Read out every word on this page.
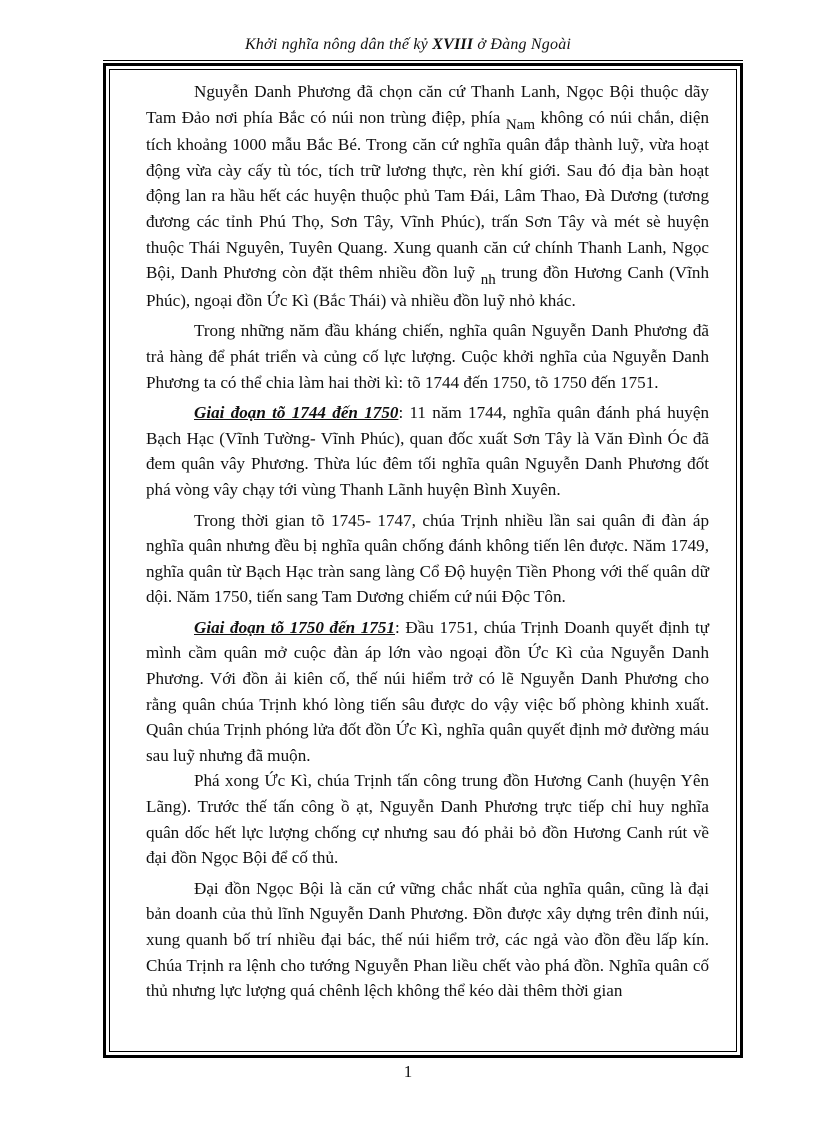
Khởi nghĩa nông dân thế kỷ XVIII ở Đàng Ngoài

Nguyễn Danh Phương đã chọn căn cứ Thanh Lanh, Ngọc Bội thuộc dãy Tam Đảo nơi phía Bắc có núi non trùng điệp, phía Nam không có núi chắn, diện tích khoảng 1000 mẫu Bắc Bé. Trong căn cứ nghĩa quân đắp thành luỹ, vừa hoạt động vừa cày cấy tù tóc, tích trữ lương thực, rèn khí giới. Sau đó địa bàn hoạt động lan ra hầu hết các huyện thuộc phủ Tam Đái, Lâm Thao, Đà Dương (tương đương các tỉnh Phú Thọ, Sơn Tây, Vĩnh Phúc), trấn Sơn Tây và mét sè huyện thuộc Thái Nguyên, Tuyên Quang. Xung quanh căn cứ chính Thanh Lanh, Ngọc Bội, Danh Phương còn đặt thêm nhiều đồn luỹ nh trung đồn Hương Canh (Vĩnh Phúc), ngoại đồn Ức Kì (Bắc Thái) và nhiều đồn luỹ nhỏ khác.

Trong những năm đầu kháng chiến, nghĩa quân Nguyễn Danh Phương đã trả hàng để phát triển và củng cố lực lượng. Cuộc khởi nghĩa của Nguyễn Danh Phương ta có thể chia làm hai thời kì: tõ 1744 đến 1750, tõ 1750 đến 1751.

Giai đoạn tõ 1744 đến 1750: 11 năm 1744, nghĩa quân đánh phá huyện Bạch Hạc (Vĩnh Tường- Vĩnh Phúc), quan đốc xuất Sơn Tây là Văn Đình Óc đã đem quân vây Phương. Thừa lúc đêm tối nghĩa quân Nguyễn Danh Phương đốt phá vòng vây chạy tới vùng Thanh Lãnh huyện Bình Xuyên.

Trong thời gian tõ 1745- 1747, chúa Trịnh nhiều lần sai quân đi đàn áp nghĩa quân nhưng đều bị nghĩa quân chống đánh không tiến lên được. Năm 1749, nghĩa quân từ Bạch Hạc tràn sang làng Cổ Độ huyện Tiền Phong với thế quân dữ dội. Năm 1750, tiến sang Tam Dương chiếm cứ núi Độc Tôn.

Giai đoạn tõ 1750 đến 1751: Đầu 1751, chúa Trịnh Doanh quyết định tự mình cầm quân mở cuộc đàn áp lớn vào ngoại đồn Ức Kì của Nguyễn Danh Phương. Với đồn ải kiên cố, thế núi hiểm trở có lẽ Nguyễn Danh Phương cho rằng quân chúa Trịnh khó lòng tiến sâu được do vậy việc bố phòng khinh xuất. Quân chúa Trịnh phóng lửa đốt đồn Ức Kì, nghĩa quân quyết định mở đường máu sau luỹ nhưng đã muộn.

Phá xong Ức Kì, chúa Trịnh tấn công trung đồn Hương Canh (huyện Yên Lãng). Trước thế tấn công ồ ạt, Nguyễn Danh Phương trực tiếp chỉ huy nghĩa quân dốc hết lực lượng chống cự nhưng sau đó phải bỏ đồn Hương Canh rút về đại đồn Ngọc Bội để cố thủ.

Đại đồn Ngọc Bội là căn cứ vững chắc nhất của nghĩa quân, cũng là đại bản doanh của thủ lĩnh Nguyễn Danh Phương. Đồn được xây dựng trên đỉnh núi, xung quanh bố trí nhiều đại bác, thế núi hiểm trở, các ngả vào đồn đều lấp kín. Chúa Trịnh ra lệnh cho tướng Nguyễn Phan liều chết vào phá đồn. Nghĩa quân cố thủ nhưng lực lượng quá chênh lệch không thể kéo dài thêm thời gian

1
